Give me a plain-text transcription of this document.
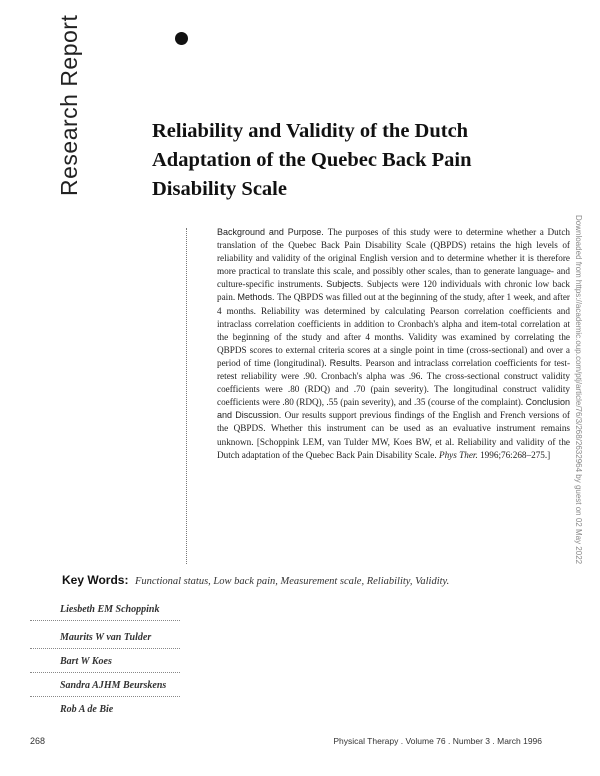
Research Report	Reliability and Validity of the Dutch
Adaptation of the Quebec Back Pain
Disability Scale
Background and Purpose. The purposes of this study were to determine whether a Dutch translation of the Quebec Back Pain Disability Scale (QBPDS) retains the high levels of reliability and validity of the original English version and to determine whether it is therefore more practical to translate this scale, and possibly other scales, than to generate language- and culture-specific instruments. Subjects. Subjects were 120 individuals with chronic low back pain. Methods. The QBPDS was filled out at the beginning of the study, after 1 week, and after 4 months. Reliability was determined by calculating Pearson correlation coefficients and intraclass correlation coefficients in addition to Cronbach's alpha and item-total correlation at the beginning of the study and after 4 months. Validity was examined by correlating the QBPDS scores to external criteria scores at a single point in time (cross-sectional) and over a period of time (longitudinal). Results. Pearson and intraclass correlation coefficients for test-retest reliability were .90. Cronbach's alpha was .96. The cross-sectional construct validity coefficients were .80 (RDQ) and .70 (pain severity). The longitudinal construct validity coefficients were .80 (RDQ), .55 (pain severity), and .35 (course of the complaint). Conclusion and Discussion. Our results support previous findings of the English and French versions of the QBPDS. Whether this instrument can be used as an evaluative instrument remains unknown. [Schoppink LEM, van Tulder MW, Koes BW, et al. Reliability and validity of the Dutch adaptation of the Quebec Back Pain Disability Scale. Phys Ther. 1996;76:268–275.]	Downloaded from https://academic.oup.com/ptj/article/76/3/268/2632964 by guest on 02 May 2022
Key Words: Functional status, Low back pain, Measurement scale, Reliability, Validity.
Liesbeth EM Schoppink
Maurits W van Tulder
Bart W Koes
Sandra AJHM Beurskens
Rob A de Bie
268	Physical Therapy . Volume 76 . Number 3 . March 1996
